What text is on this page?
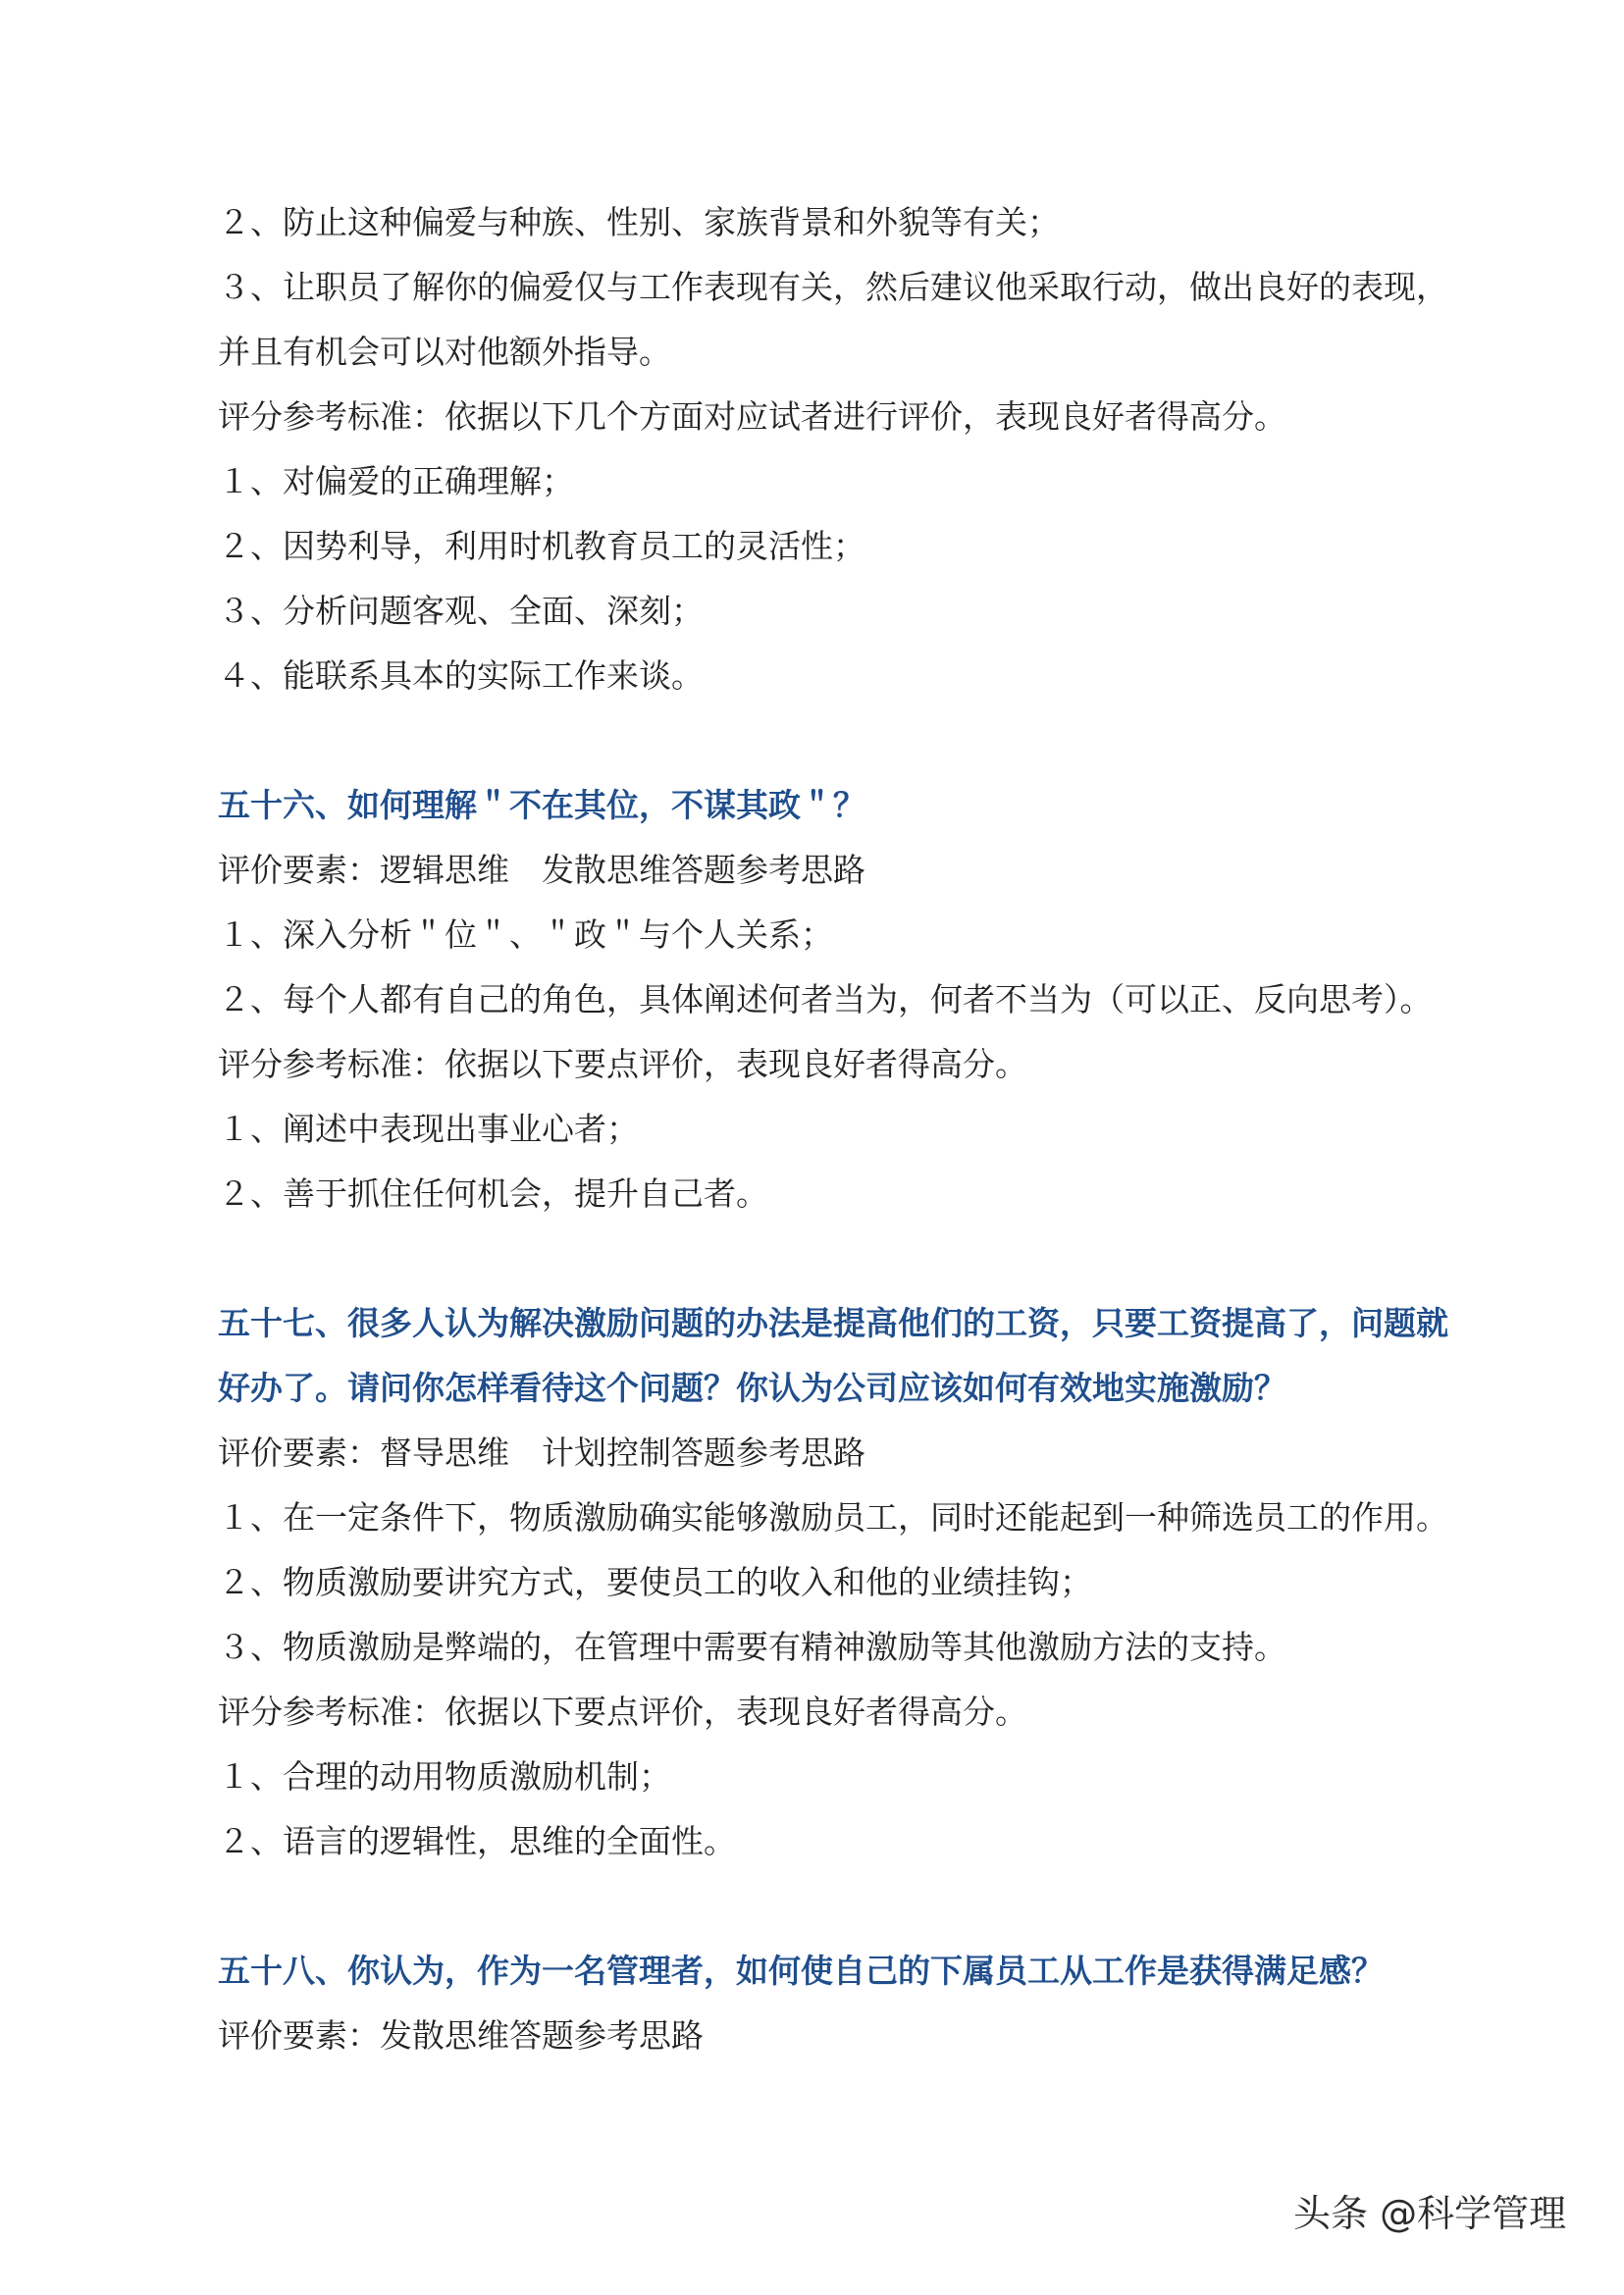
２、防止这种偏爱与种族、性别、家族背景和外貌等有关；
３、让职员了解你的偏爱仅与工作表现有关，然后建议他采取行动，做出良好的表现，
并且有机会可以对他额外指导。
评分参考标准：依据以下几个方面对应试者进行评价，表现良好者得高分。
１、对偏爱的正确理解；
２、因势利导，利用时机教育员工的灵活性；
３、分析问题客观、全面、深刻；
４、能联系具本的实际工作来谈。
五十六、如何理解＂不在其位，不谋其政＂？
评价要素：逻辑思维　发散思维答题参考思路
１、深入分析＂位＂、＂政＂与个人关系；
２、每个人都有自己的角色，具体阐述何者当为，何者不当为（可以正、反向思考）。
评分参考标准：依据以下要点评价，表现良好者得高分。
１、阐述中表现出事业心者；
２、善于抓住任何机会，提升自己者。
五十七、很多人认为解决激励问题的办法是提高他们的工资，只要工资提高了，问题就
好办了。请问你怎样看待这个问题？你认为公司应该如何有效地实施激励？
评价要素：督导思维　计划控制答题参考思路
１、在一定条件下，物质激励确实能够激励员工，同时还能起到一种筛选员工的作用。
２、物质激励要讲究方式，要使员工的收入和他的业绩挂钩；
３、物质激励是弊端的，在管理中需要有精神激励等其他激励方法的支持。
评分参考标准：依据以下要点评价，表现良好者得高分。
１、合理的动用物质激励机制；
２、语言的逻辑性，思维的全面性。
五十八、你认为，作为一名管理者，如何使自己的下属员工从工作是获得满足感？
评价要素：发散思维答题参考思路
头条 @科学管理
